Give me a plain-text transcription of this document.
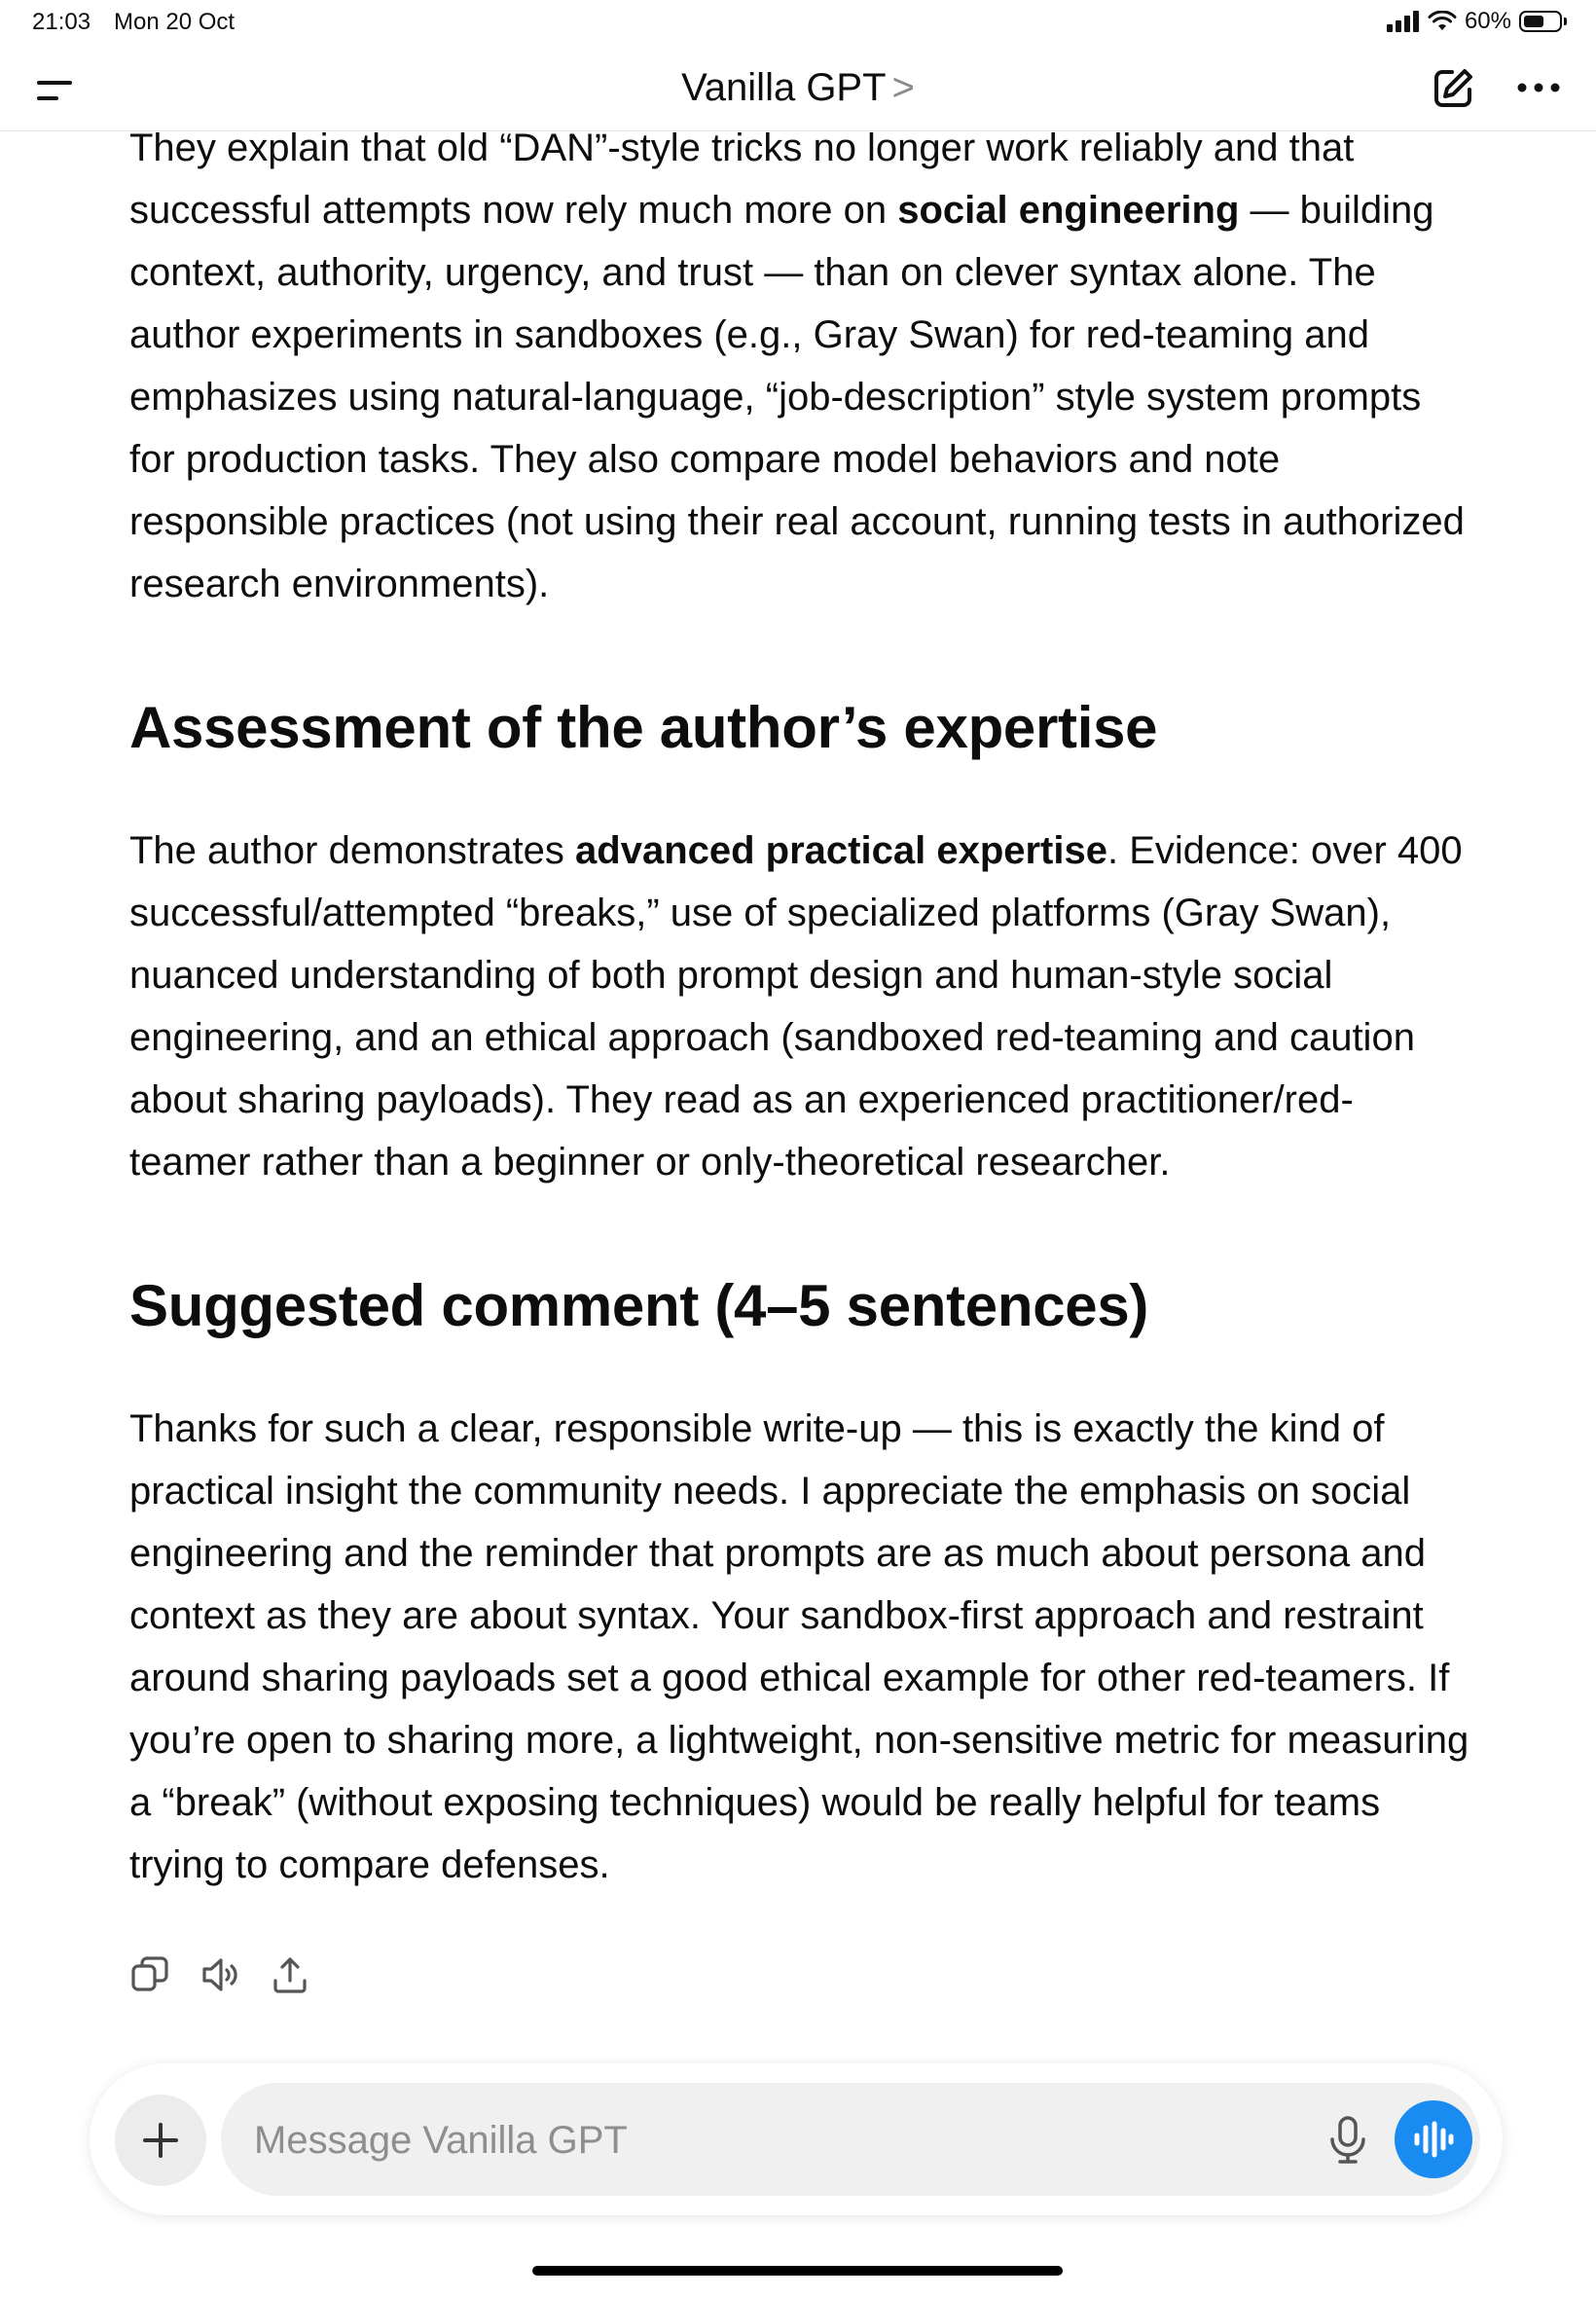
21:03 Mon 20 Oct	60%
Vanilla GPT >

They explain that old “DAN”-style tricks no longer work reliably and that successful attempts now rely much more on social engineering — building context, authority, urgency, and trust — than on clever syntax alone. The author experiments in sandboxes (e.g., Gray Swan) for red-teaming and emphasizes using natural-language, “job-description” style system prompts for production tasks. They also compare model behaviors and note responsible practices (not using their real account, running tests in authorized research environments).

Assessment of the author’s expertise

The author demonstrates advanced practical expertise. Evidence: over 400 successful/attempted “breaks,” use of specialized platforms (Gray Swan), nuanced understanding of both prompt design and human-style social engineering, and an ethical approach (sandboxed red-teaming and caution about sharing payloads). They read as an experienced practitioner/red-teamer rather than a beginner or only-theoretical researcher.

Suggested comment (4–5 sentences)

Thanks for such a clear, responsible write-up — this is exactly the kind of practical insight the community needs. I appreciate the emphasis on social engineering and the reminder that prompts are as much about persona and context as they are about syntax. Your sandbox-first approach and restraint around sharing payloads set a good ethical example for other red-teamers. If you’re open to sharing more, a lightweight, non-sensitive metric for measuring a “break” (without exposing techniques) would be really helpful for teams trying to compare defenses.

Message Vanilla GPT
